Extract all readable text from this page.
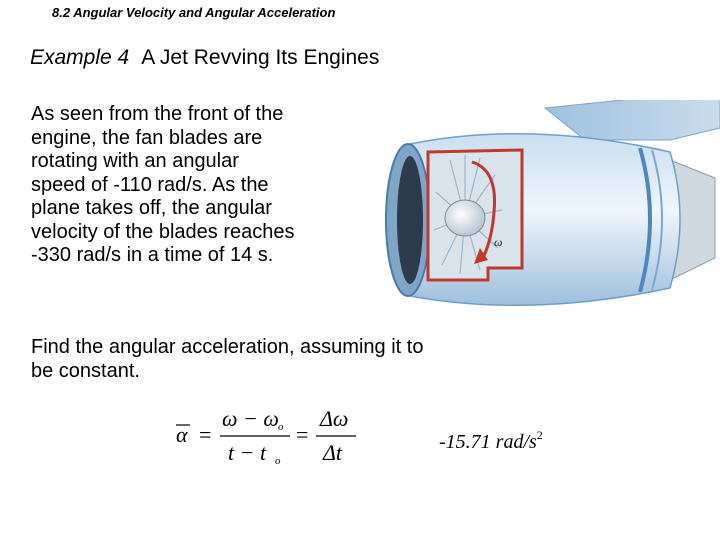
8.2 Angular Velocity and Angular Acceleration
Example 4 A Jet Revving Its Engines
As seen from the front of the
engine, the fan blades are
rotating with an angular
speed of -110 rad/s. As the
plane takes off, the angular
velocity of the blades reaches
-330 rad/s in a time of 14 s.
ω
Find the angular acceleration, assuming it to
be constant.
α =
ω − ω o
t − t o
=
Δω
Δt	-15.71 rad/$s^2$
